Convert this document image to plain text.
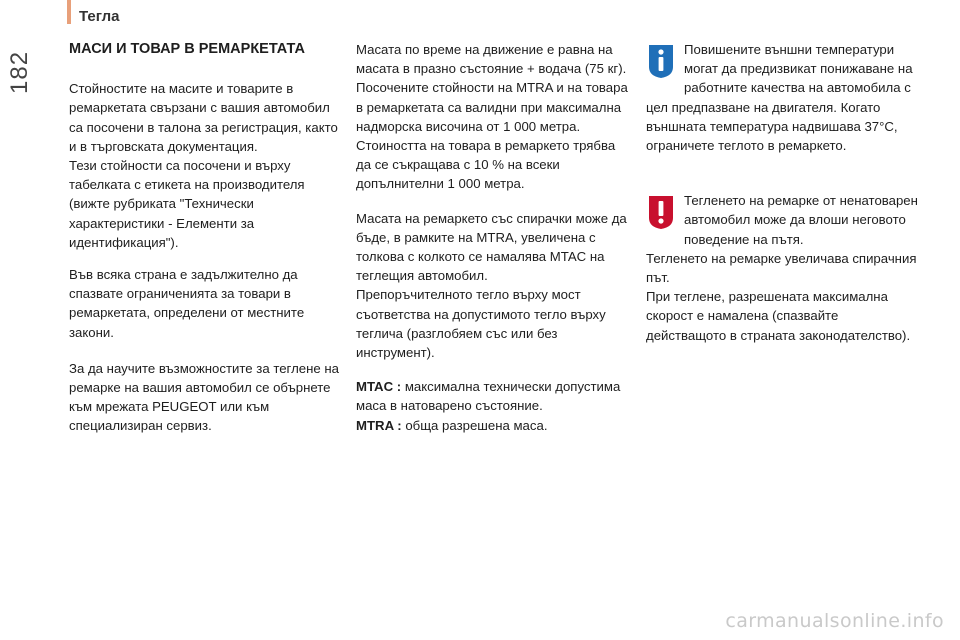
Тегла
182
МАСИ И ТОВАР В РЕМАРКЕТАТА

Стойностите на масите и товарите в ремаркетата свързани с вашия автомобил са посочени в талона за регистрация, както и в търговската документация.

Тези стойности са посочени и върху табелката с етикета на производителя (вижте рубриката "Технически характеристики - Елементи за идентификация").

Във всяка страна е задължително да спазвате ограниченията за товари в ремаркетата, определени от местните закони.

За да научите възможностите за теглене на ремарке на вашия автомобил се обърнете към мрежата PEUGEOT или към специализиран сервиз.

Масата по време на движение е равна на масата в празно състояние + водача (75 кг).

Посочените стойности на MTRA и на товара в ремаркетата са валидни при максимална надморска височина от 1 000 метра.

Стоиността на товара в ремаркето трябва да се съкращава с 10 % на всеки допълнителни 1 000 метра.

Масата на ремаркето със спирачки може да бъде, в рамките на MTRA, увеличена с толкова с колкото се намалява MTAC на теглещия автомобил.

Препоръчителното тегло върху мост съответства на допустимото тегло върху теглича (разглобяем със или без инструмент).

MTAC : максимална технически допустима маса в натоварено състояние.

MTRA : обща разрешена маса.

Повишените външни температури могат да предизвикат понижаване на работните качества на автомобила с цел предпазване на двигателя. Когато външната температура надвишава 37°C, ограничете теглото в ремаркето.

Тегленето на ремарке от ненатоварен автомобил може да влоши неговото поведение на пътя.

Тегленето на ремарке увеличава спирачния път.

При теглене, разрешената максимална скорост е намалена (спазвайте действащото в страната законодателство).

carmanualsonline.info
